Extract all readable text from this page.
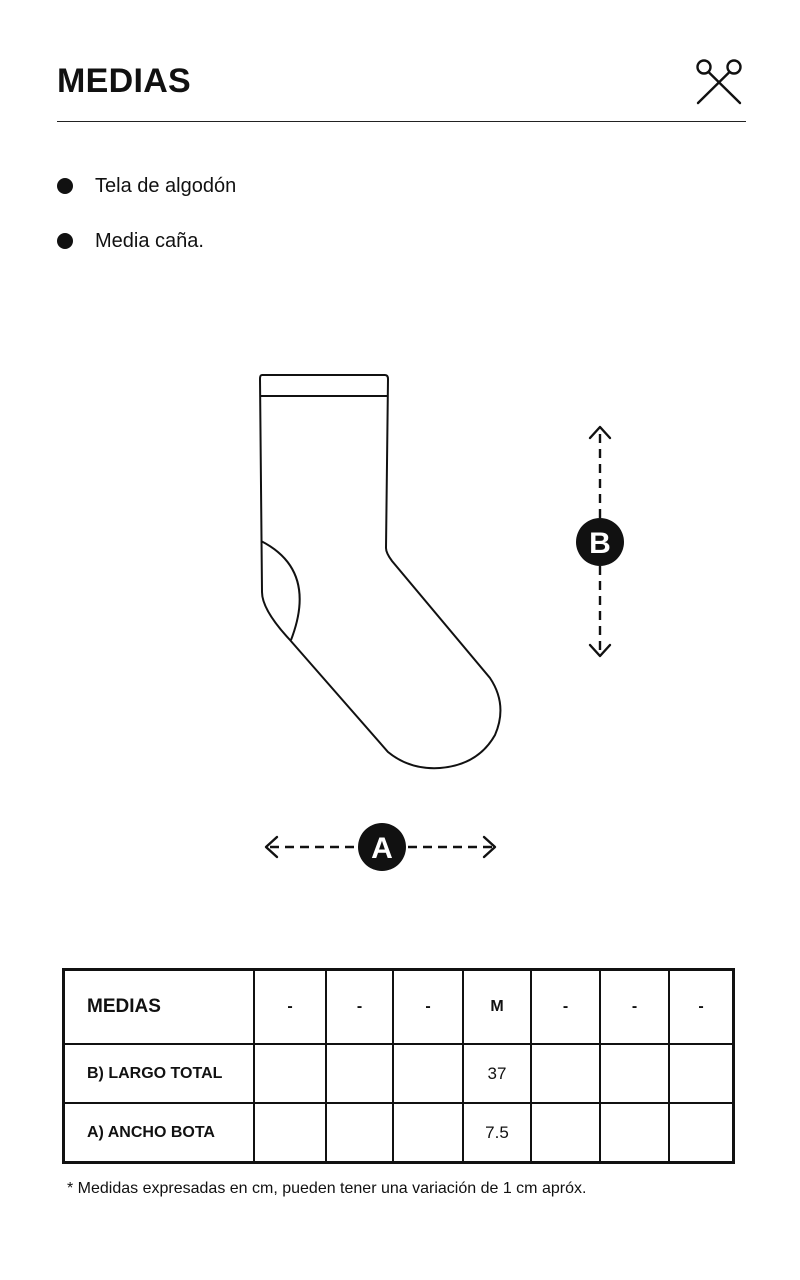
MEDIAS
Tela de algodón
Media caña.
B
A
MEDIAS	-	-	-	M	-	-	-
B) LARGO TOTAL				37			
A) ANCHO BOTA				7.5			
* Medidas expresadas en cm, pueden tener una variación de 1 cm apróx.
